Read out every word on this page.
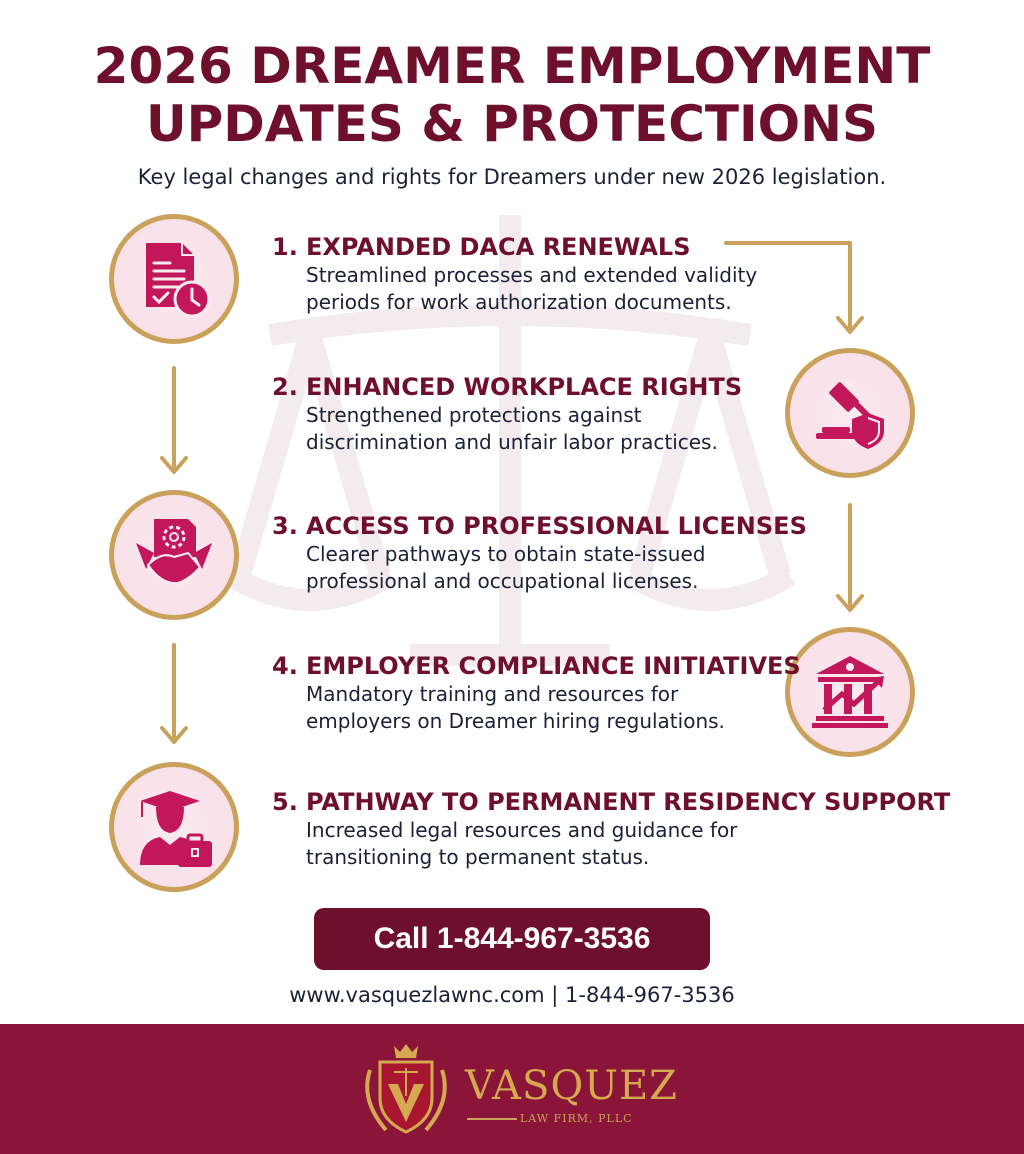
2026 DREAMER EMPLOYMENT
UPDATES & PROTECTIONS
Key legal changes and rights for Dreamers under new 2026 legislation.
1. EXPANDED DACA RENEWALS
Streamlined processes and extended validity
periods for work authorization documents.
2. ENHANCED WORKPLACE RIGHTS
Strengthened protections against
discrimination and unfair labor practices.
3. ACCESS TO PROFESSIONAL LICENSES
Clearer pathways to obtain state-issued
professional and occupational licenses.
4. EMPLOYER COMPLIANCE INITIATIVES
Mandatory training and resources for
employers on Dreamer hiring regulations.
5. PATHWAY TO PERMANENT RESIDENCY SUPPORT
Increased legal resources and guidance for
transitioning to permanent status.
Call 1-844-967-3536
www.vasquezlawnc.com | 1-844-967-3536
VASQUEZ
LAW FIRM, PLLC
